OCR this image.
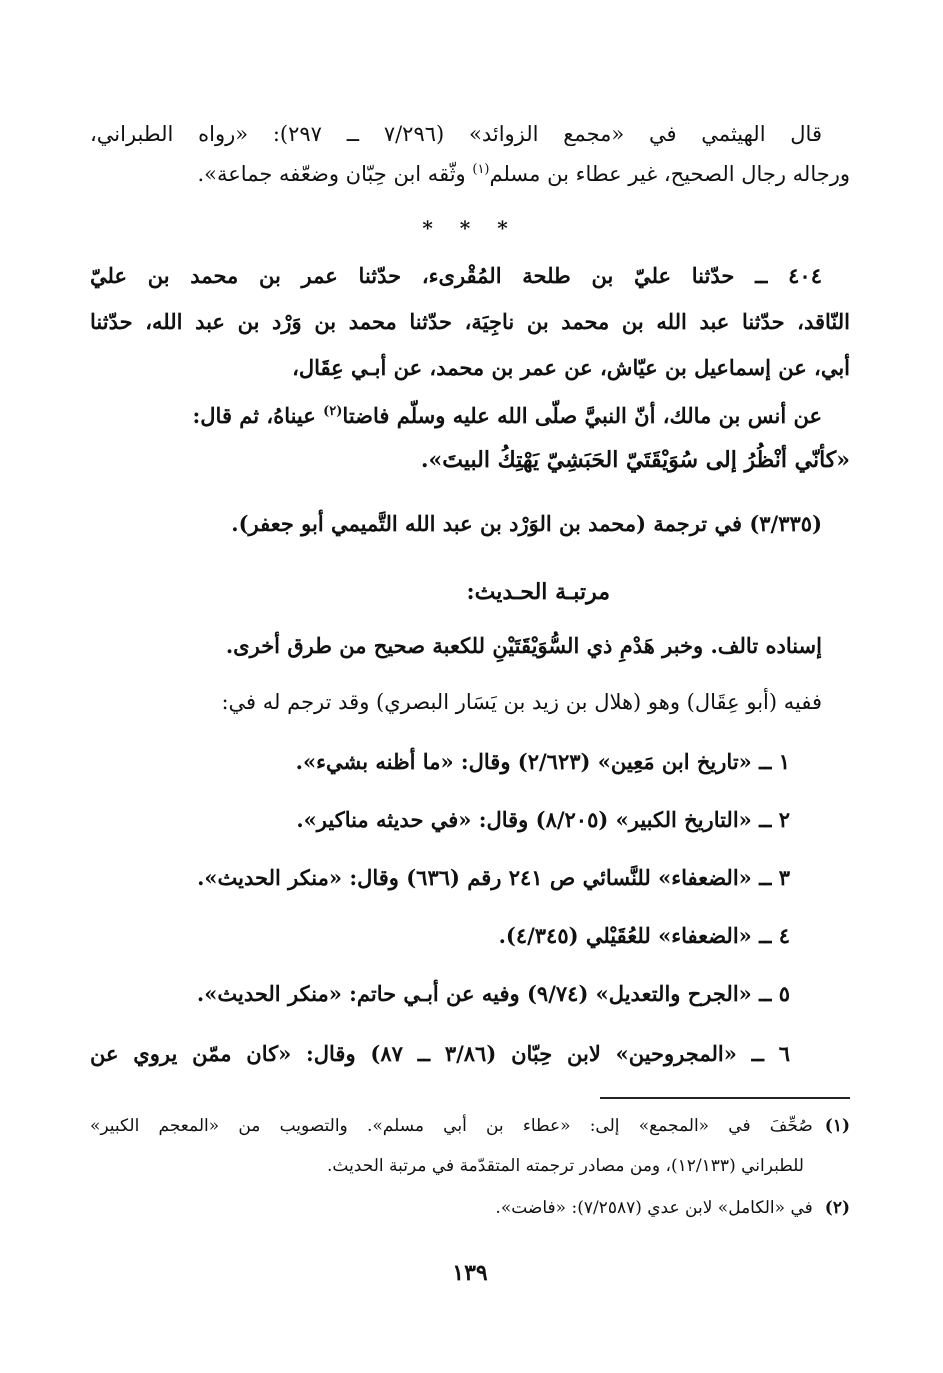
قال الهيثمي في «مجمع الزوائد» (٧/٢٩٦ ــ ٢٩٧): «رواه الطبراني،
ورجاله رجال الصحيح، غير عطاء بن مسلم$^{(١)}$ وثّقه ابن حِبّان وضعّفه جماعة».
* * *
٤٠٤ ــ حدّثنا عليّ بن طلحة المُقْرىء، حدّثنا عمر بن محمد بن عليّ
النّاقد، حدّثنا عبد الله بن محمد بن ناجِيَة، حدّثنا محمد بن وَرْد بن عبد الله، حدّثنا
أبي، عن إسماعيل بن عيّاش، عن عمر بن محمد، عن أبـي عِقَال،
عن أنس بن مالك، أنّ النبيَّ صلّى الله عليه وسلّم فاضتا$^{(٢)}$ عيناهُ، ثم قال:
«كأنّي أنْظُرُ إلى سُوَيْقَتَيّ الحَبَشِيّ يَهْتِكُ البيتَ».
(٣/٣٣٥) في ترجمة (محمد بن الوَرْد بن عبد الله التَّميمي أبو جعفر).
مرتبـة الحـديث:
إسناده تالف. وخبر هَدْمِ ذي السُّوَيْقَتَيْنِ للكعبة صحيح من طرق أخرى.
ففيه (أبو عِقَال) وهو (هلال بن زيد بن يَسَار البصري) وقد ترجم له في:
١ ــ «تاريخ ابن مَعِين» (٢/٦٢٣) وقال: «ما أظنه بشيء».
٢ ــ «التاريخ الكبير» (٨/٢٠٥) وقال: «في حديثه مناكير».
٣ ــ «الضعفاء» للنَّسائي ص ٢٤١ رقم (٦٣٦) وقال: «منكر الحديث».
٤ ــ «الضعفاء» للعُقَيْلي (٤/٣٤٥).
٥ ــ «الجرح والتعديل» (٩/٧٤) وفيه عن أبـي حاتم: «منكر الحديث».
٦ ــ «المجروحين» لابن حِبّان (٣/٨٦ ــ ٨٧) وقال: «كان ممّن يروي عن
(١)صُحِّفَ في «المجمع» إلى: «عطاء بن أبي مسلم». والتصويب من «المعجم الكبير»
للطبراني (١٢/١٣٣)، ومن مصادر ترجمته المتقدّمة في مرتبة الحديث.
(٢)في «الكامل» لابن عدي (٧/٢٥٨٧): «فاضت».
١٣٩
